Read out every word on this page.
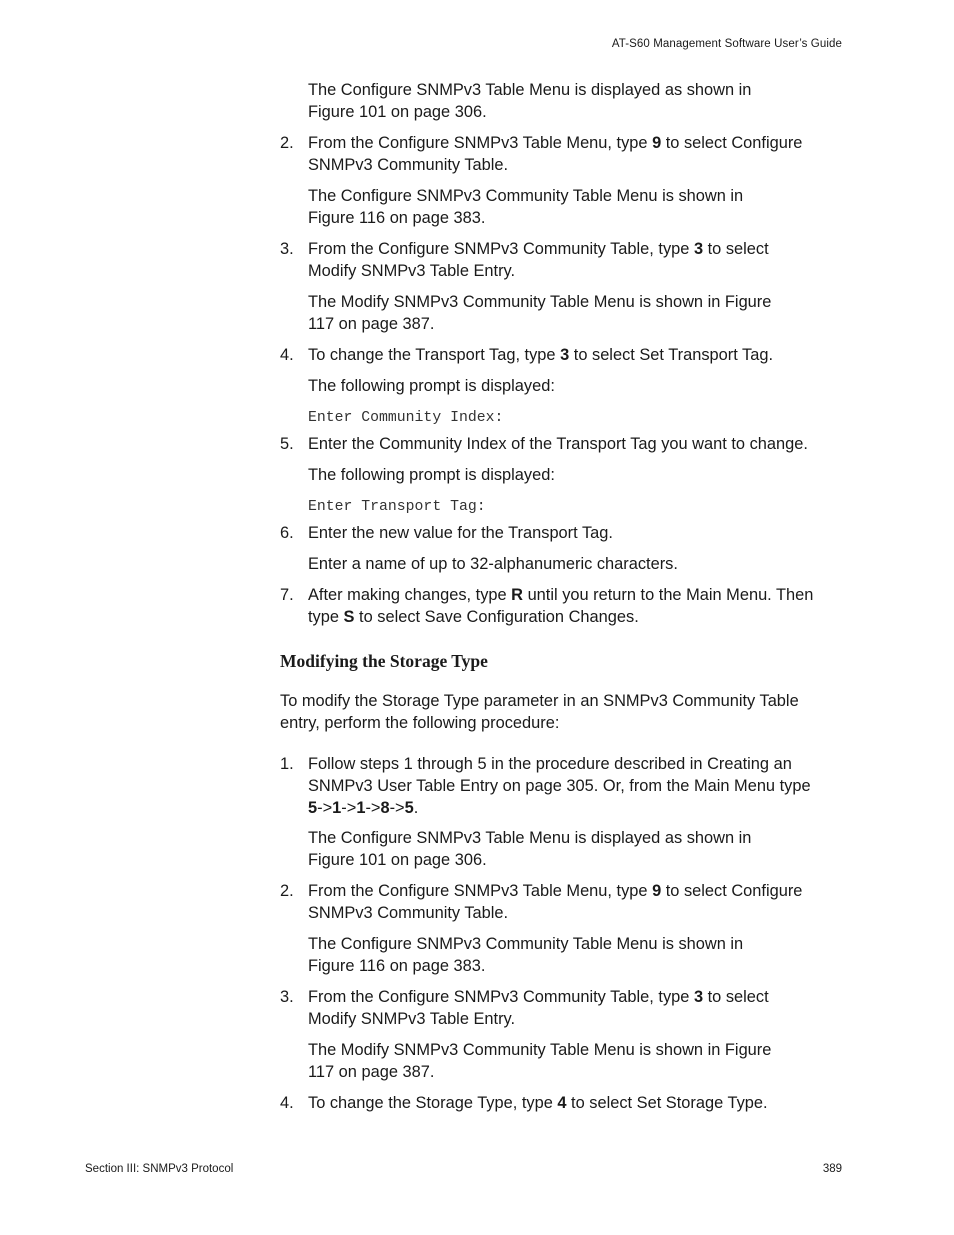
AT-S60 Management Software User’s Guide

The Configure SNMPv3 Table Menu is displayed as shown in
Figure 101 on page 306.

2. From the Configure SNMPv3 Table Menu, type 9 to select Configure
SNMPv3 Community Table.

The Configure SNMPv3 Community Table Menu is shown in
Figure 116 on page 383.

3. From the Configure SNMPv3 Community Table, type 3 to select
Modify SNMPv3 Table Entry.

The Modify SNMPv3 Community Table Menu is shown in Figure
117 on page 387.

4. To change the Transport Tag, type 3 to select Set Transport Tag.

The following prompt is displayed:

Enter Community Index:
5. Enter the Community Index of the Transport Tag you want to change.

The following prompt is displayed:

Enter Transport Tag:
6. Enter the new value for the Transport Tag.

Enter a name of up to 32-alphanumeric characters.

7. After making changes, type R until you return to the Main Menu. Then
type S to select Save Configuration Changes.

Modifying the Storage Type

To modify the Storage Type parameter in an SNMPv3 Community Table
entry, perform the following procedure:

1. Follow steps 1 through 5 in the procedure described in Creating an
SNMPv3 User Table Entry on page 305. Or, from the Main Menu type
5->1->1->8->5.

The Configure SNMPv3 Table Menu is displayed as shown in
Figure 101 on page 306.

2. From the Configure SNMPv3 Table Menu, type 9 to select Configure
SNMPv3 Community Table.

The Configure SNMPv3 Community Table Menu is shown in
Figure 116 on page 383.

3. From the Configure SNMPv3 Community Table, type 3 to select
Modify SNMPv3 Table Entry.

The Modify SNMPv3 Community Table Menu is shown in Figure
117 on page 387.

4. To change the Storage Type, type 4 to select Set Storage Type.

Section III: SNMPv3 Protocol	389
